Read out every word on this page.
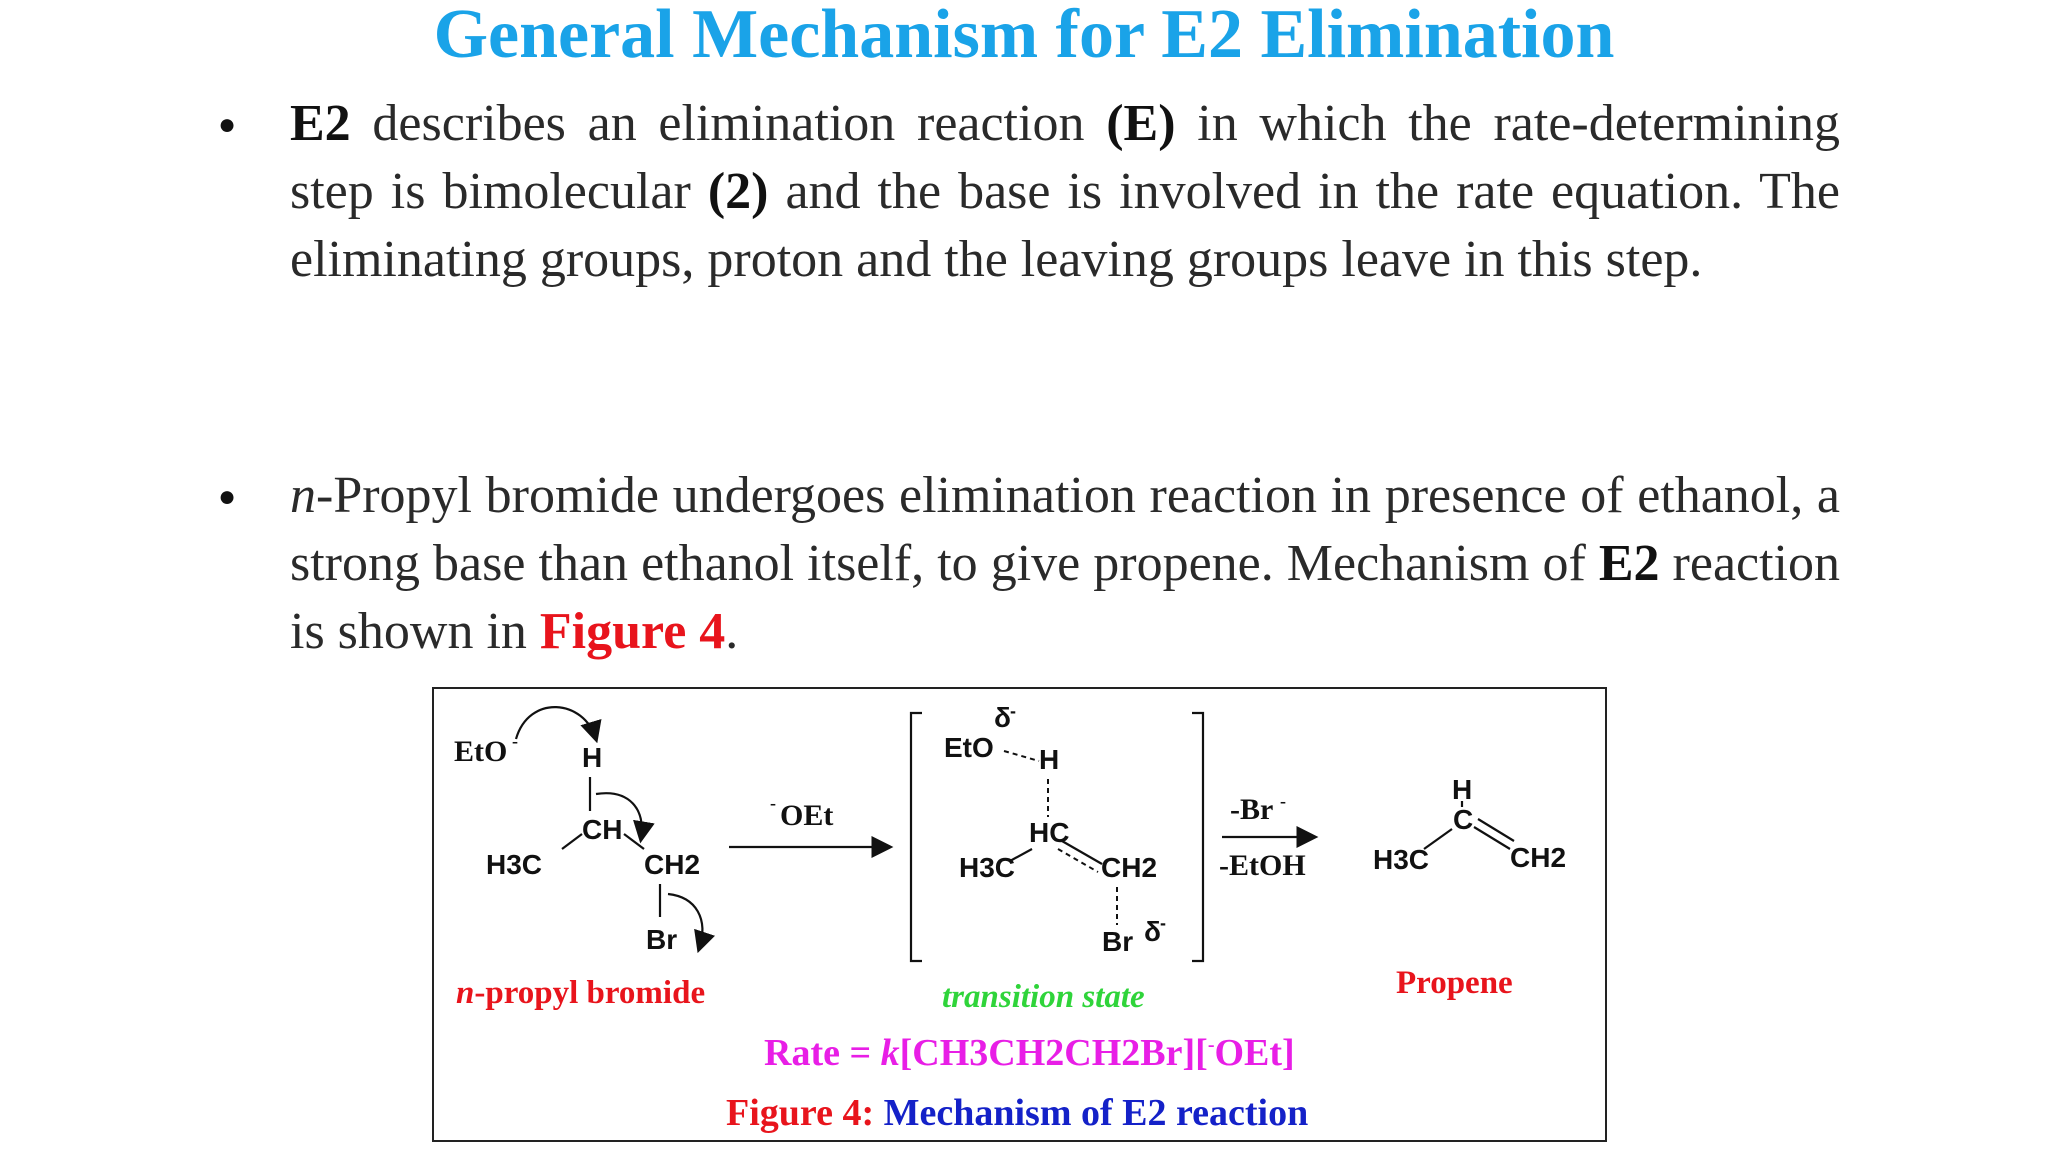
General Mechanism for E2 Elimination
● E2 describes an elimination reaction (E) in which the rate-determining step is bimolecular (2) and the base is involved in the rate equation. The eliminating groups, proton and the leaving groups leave in this step.

● n-Propyl bromide undergoes elimination reaction in presence of ethanol, a strong base than ethanol itself, to give propene. Mechanism of E2 reaction is shown in Figure 4.

EtO -
H
CH
H3C	CH2
Br
n-propyl bromide
- OEt
δ -
EtO H
HC
H3C	CH2
Br δ -
transition state
-Br -
-EtOH
H
C
H3C	CH2
Propene
Rate = k[CH3CH2CH2Br][-OEt]
Figure 4: Mechanism of E2 reaction
